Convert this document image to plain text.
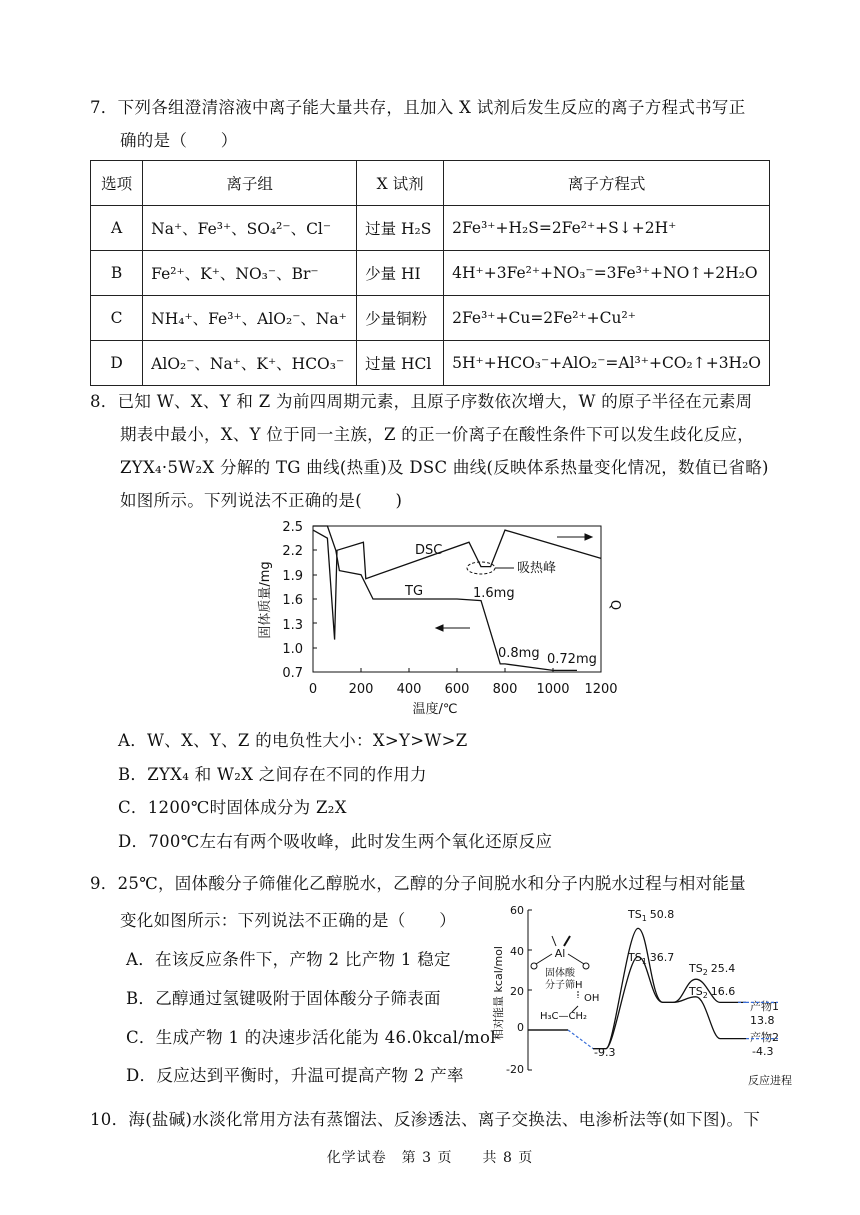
7．下列各组澄清溶液中离子能大量共存，且加入 X 试剂后发生反应的离子方程式书写正
确的是（　　）
选项	离子组	X 试剂	离子方程式
A	Na⁺、Fe³⁺、SO₄²⁻、Cl⁻	过量 H₂S	2Fe³⁺+H₂S=2Fe²⁺+S↓+2H⁺
B	Fe²⁺、K⁺、NO₃⁻、Br⁻	少量 HI	4H⁺+3Fe²⁺+NO₃⁻=3Fe³⁺+NO↑+2H₂O
C	NH₄⁺、Fe³⁺、AlO₂⁻、Na⁺	少量铜粉	2Fe³⁺+Cu=2Fe²⁺+Cu²⁺
D	AlO₂⁻、Na⁺、K⁺、HCO₃⁻	过量 HCl	5H⁺+HCO₃⁻+AlO₂⁻=Al³⁺+CO₂↑+3H₂O
8．已知 W、X、Y 和 Z 为前四周期元素，且原子序数依次增大，W 的原子半径在元素周
期表中最小，X、Y 位于同一主族，Z 的正一价离子在酸性条件下可以发生歧化反应，
ZYX₄·5W₂X 分解的 TG 曲线(热重)及 DSC 曲线(反映体系热量变化情况，数值已省略)
如图所示。下列说法不正确的是(　　)
2.5
2.2
1.9
1.6
1.3
1.0
0.7
0 200 400 600 800 1000 1200
温度/℃
固体质量/mg	Q
DSC
TG
吸热峰
1.6mg
0.8mg 0.72mg
A．W、X、Y、Z 的电负性大小：X>Y>W>Z
B．ZYX₄ 和 W₂X 之间存在不同的作用力
C．1200℃时固体成分为 Z₂X
D．700℃左右有两个吸收峰，此时发生两个氧化还原反应
9．25℃，固体酸分子筛催化乙醇脱水，乙醇的分子间脱水和分子内脱水过程与相对能量
变化如图所示：下列说法不正确的是（　　）
A．在该反应条件下，产物 2 比产物 1 稳定
B．乙醇通过氢键吸附于固体酸分子筛表面
C．生成产物 1 的决速步活化能为 46.0kcal/mol
D．反应达到平衡时，升温可提高产物 2 产率
60
40
20
0
-20
相对能量 kcal/mol
反应进程
$TS_1$ 50.8
$TS_1$ 36.7
$TS_2$ 25.4
$TS_2$ 16.6
产物1
13.8
产物2
-4.3
-9.3
Al
固体酸
分子筛 H
OH
H₃C—CH₂
10．海(盐碱)水淡化常用方法有蒸馏法、反渗透法、离子交换法、电渗析法等(如下图)。下
化学试卷　第 3 页　　共 8 页
